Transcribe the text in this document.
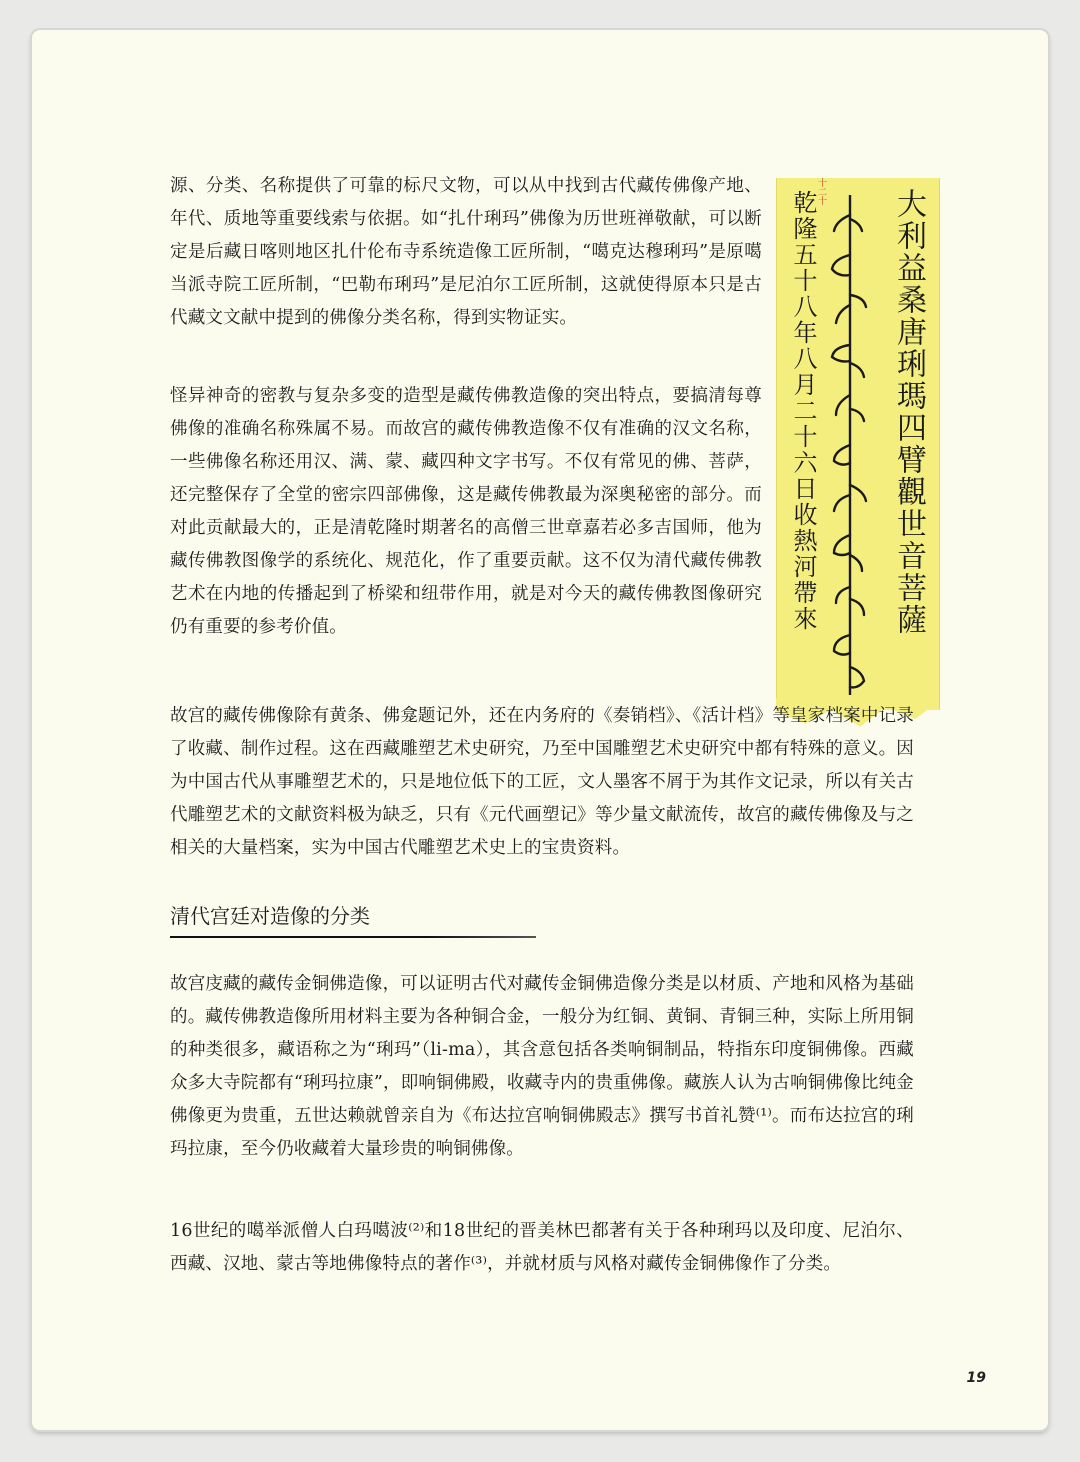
源、分类、名称提供了可靠的标尺文物，可以从中找到古代藏传佛像产地、年代、质地等重要线索与依据。如“扎什琍玛”佛像为历世班禅敬献，可以断定是后藏日喀则地区扎什伦布寺系统造像工匠所制，“噶克达穆琍玛”是原噶当派寺院工匠所制，“巴勒布琍玛”是尼泊尔工匠所制，这就使得原本只是古代藏文文献中提到的佛像分类名称，得到实物证实。	大利益桑唐琍瑪四臂觀世音菩薩
乾隆五十八年八月二十六日收熱河帶來 十二十

怪异神奇的密教与复杂多变的造型是藏传佛教造像的突出特点，要搞清每尊佛像的准确名称殊属不易。而故宫的藏传佛教造像不仅有准确的汉文名称，一些佛像名称还用汉、满、蒙、藏四种文字书写。不仅有常见的佛、菩萨，还完整保存了全堂的密宗四部佛像，这是藏传佛教最为深奥秘密的部分。而对此贡献最大的，正是清乾隆时期著名的高僧三世章嘉若必多吉国师，他为藏传佛教图像学的系统化、规范化，作了重要贡献。这不仅为清代藏传佛教艺术在内地的传播起到了桥梁和纽带作用，就是对今天的藏传佛教图像研究仍有重要的参考价值。

故宫的藏传佛像除有黄条、佛龛题记外，还在内务府的《奏销档》、《活计档》等皇家档案中记录了收藏、制作过程。这在西藏雕塑艺术史研究，乃至中国雕塑艺术史研究中都有特殊的意义。因为中国古代从事雕塑艺术的，只是地位低下的工匠，文人墨客不屑于为其作文记录，所以有关古代雕塑艺术的文献资料极为缺乏，只有《元代画塑记》等少量文献流传，故宫的藏传佛像及与之相关的大量档案，实为中国古代雕塑艺术史上的宝贵资料。

清代宫廷对造像的分类

故宫庋藏的藏传金铜佛造像，可以证明古代对藏传金铜佛造像分类是以材质、产地和风格为基础的。藏传佛教造像所用材料主要为各种铜合金，一般分为红铜、黄铜、青铜三种，实际上所用铜的种类很多，藏语称之为“琍玛”（li-ma），其含意包括各类响铜制品，特指东印度铜佛像。西藏众多大寺院都有“琍玛拉康”，即响铜佛殿，收藏寺内的贵重佛像。藏族人认为古响铜佛像比纯金佛像更为贵重，五世达赖就曾亲自为《布达拉宫响铜佛殿志》撰写书首礼赞⁽¹⁾。而布达拉宫的琍玛拉康，至今仍收藏着大量珍贵的响铜佛像。

16世纪的噶举派僧人白玛噶波⁽²⁾和18世纪的晋美林巴都著有关于各种琍玛以及印度、尼泊尔、西藏、汉地、蒙古等地佛像特点的著作⁽³⁾，并就材质与风格对藏传金铜佛像作了分类。

19
